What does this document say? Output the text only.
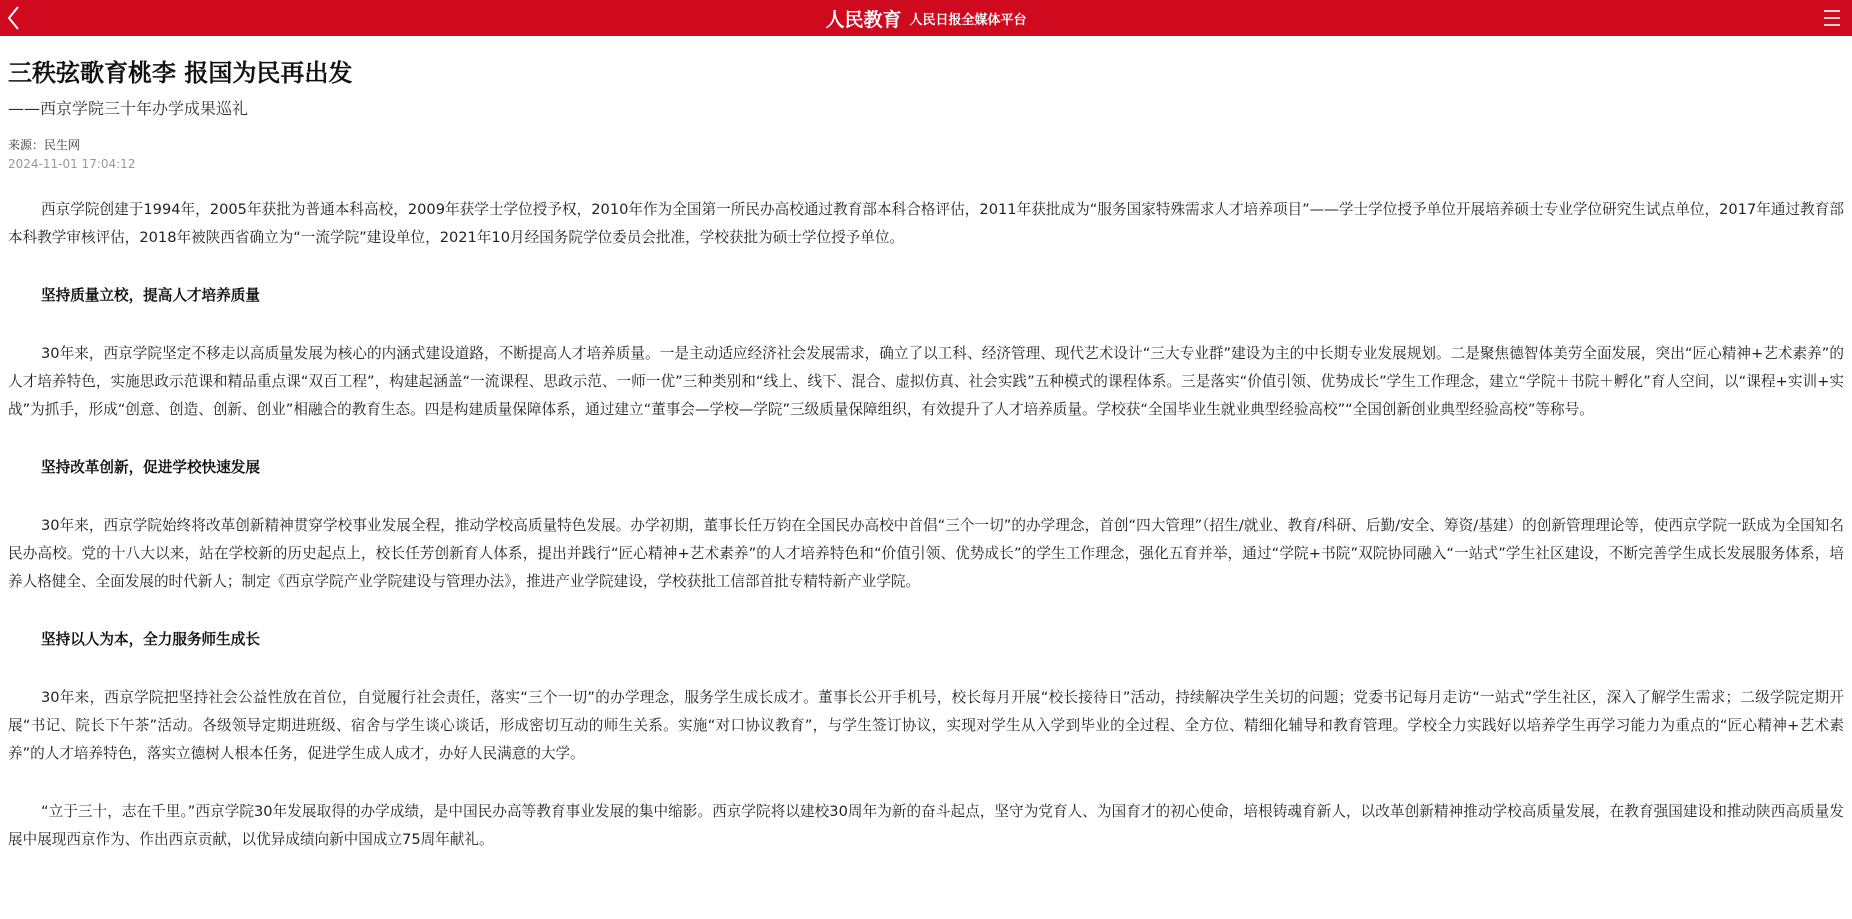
人民教育 人民日报全媒体平台
三秩弦歌育桃李 报国为民再出发
——西京学院三十年办学成果巡礼
来源：民生网
2024-11-01 17:04:12

西京学院创建于1994年，2005年获批为普通本科高校，2009年获学士学位授予权，2010年作为全国第一所民办高校通过教育部本科合格评估，2011年获批成为“服务国家特殊需求人才培养项目”——学士学位授予单位开展培养硕士专业学位研究生试点单位，2017年通过教育部本科教学审核评估，2018年被陕西省确立为“一流学院”建设单位，2021年10月经国务院学位委员会批准，学校获批为硕士学位授予单位。

坚持质量立校，提高人才培养质量

30年来，西京学院坚定不移走以高质量发展为核心的内涵式建设道路，不断提高人才培养质量。一是主动适应经济社会发展需求，确立了以工科、经济管理、现代艺术设计“三大专业群”建设为主的中长期专业发展规划。二是聚焦德智体美劳全面发展，突出“匠心精神+艺术素养”的人才培养特色，实施思政示范课和精品重点课“双百工程”，构建起涵盖“一流课程、思政示范、一师一优”三种类别和“线上、线下、混合、虚拟仿真、社会实践”五种模式的课程体系。三是落实“价值引领、优势成长”学生工作理念，建立“学院＋书院＋孵化”育人空间，以“课程+实训+实战”为抓手，形成“创意、创造、创新、创业”相融合的教育生态。四是构建质量保障体系，通过建立“董事会—学校—学院”三级质量保障组织，有效提升了人才培养质量。学校获“全国毕业生就业典型经验高校”“全国创新创业典型经验高校”等称号。

坚持改革创新，促进学校快速发展

30年来，西京学院始终将改革创新精神贯穿学校事业发展全程，推动学校高质量特色发展。办学初期，董事长任万钧在全国民办高校中首倡“三个一切”的办学理念，首创“四大管理”（招生/就业、教育/科研、后勤/安全、筹资/基建）的创新管理理论等，使西京学院一跃成为全国知名民办高校。党的十八大以来，站在学校新的历史起点上，校长任芳创新育人体系，提出并践行“匠心精神+艺术素养”的人才培养特色和“价值引领、优势成长”的学生工作理念，强化五育并举，通过“学院+书院”双院协同融入“一站式”学生社区建设，不断完善学生成长发展服务体系，培养人格健全、全面发展的时代新人；制定《西京学院产业学院建设与管理办法》，推进产业学院建设，学校获批工信部首批专精特新产业学院。

坚持以人为本，全力服务师生成长

30年来，西京学院把坚持社会公益性放在首位，自觉履行社会责任，落实“三个一切”的办学理念，服务学生成长成才。董事长公开手机号，校长每月开展“校长接待日”活动，持续解决学生关切的问题；党委书记每月走访“一站式”学生社区，深入了解学生需求；二级学院定期开展“书记、院长下午茶”活动。各级领导定期进班级、宿舍与学生谈心谈话，形成密切互动的师生关系。实施“对口协议教育”，与学生签订协议，实现对学生从入学到毕业的全过程、全方位、精细化辅导和教育管理。学校全力实践好以培养学生再学习能力为重点的“匠心精神+艺术素养”的人才培养特色，落实立德树人根本任务，促进学生成人成才，办好人民满意的大学。

“立于三十，志在千里。”西京学院30年发展取得的办学成绩，是中国民办高等教育事业发展的集中缩影。西京学院将以建校30周年为新的奋斗起点，坚守为党育人、为国育才的初心使命，培根铸魂育新人，以改革创新精神推动学校高质量发展，在教育强国建设和推动陕西高质量发展中展现西京作为、作出西京贡献，以优异成绩向新中国成立75周年献礼。
